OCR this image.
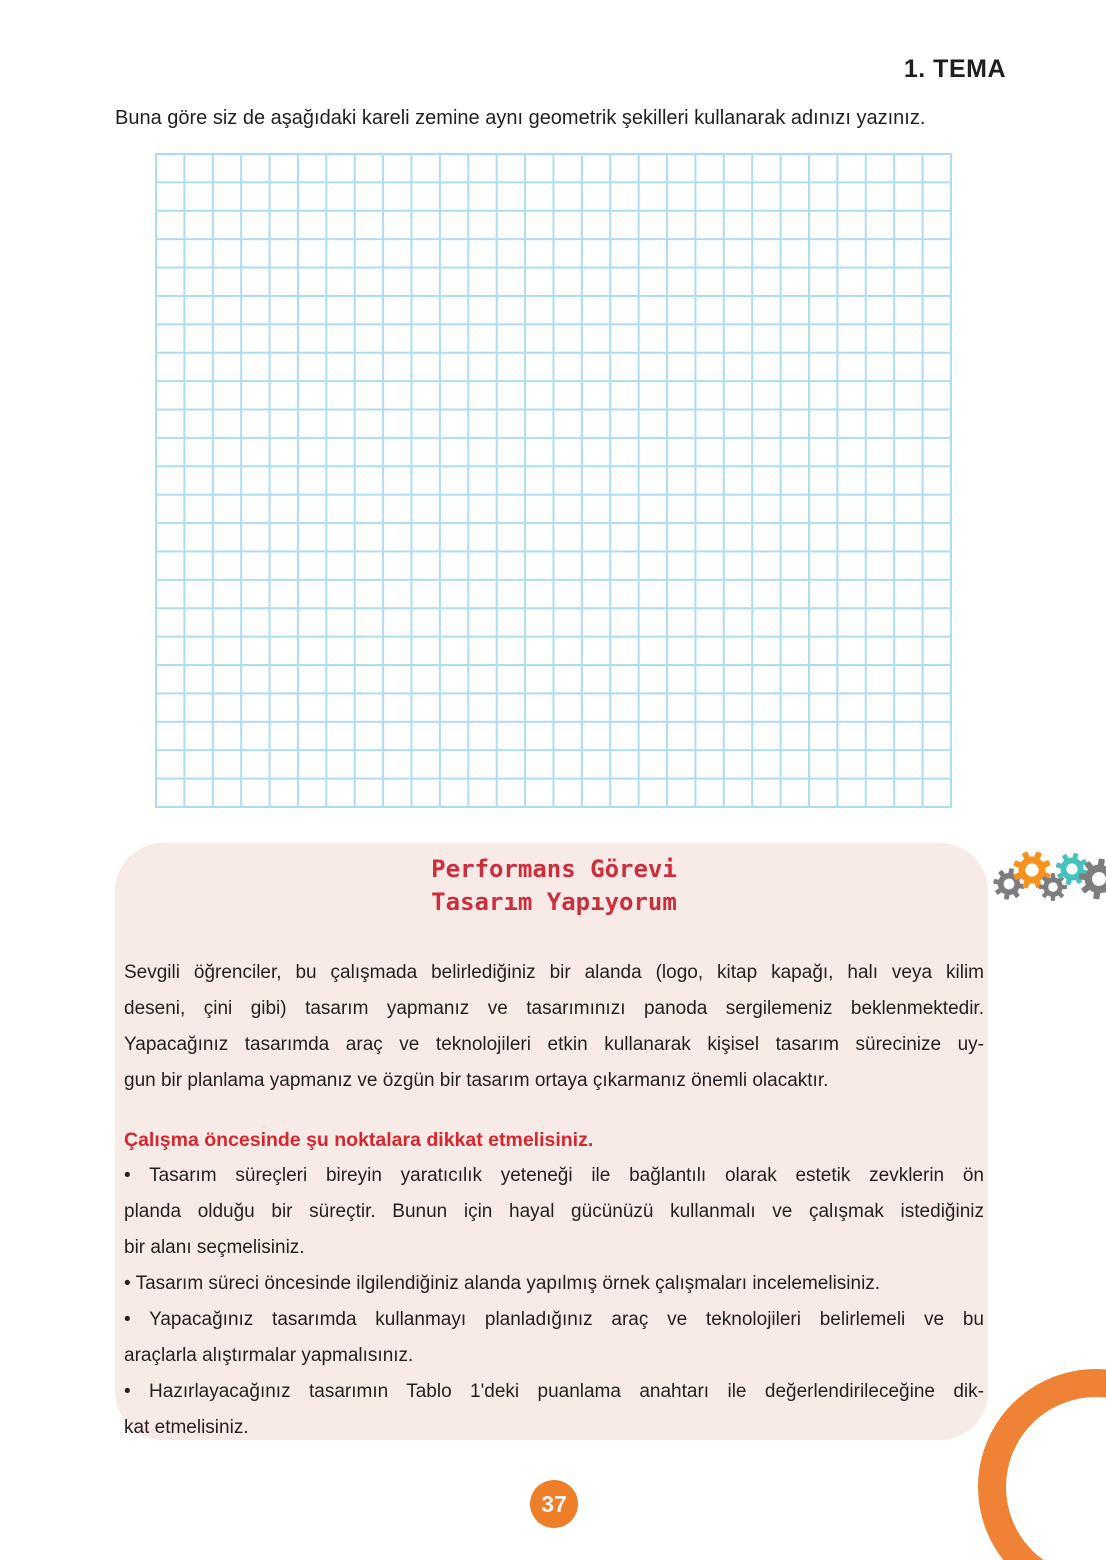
1. TEMA
Buna göre siz de aşağıdaki kareli zemine aynı geometrik şekilleri kullanarak adınızı yazınız.
Performans Görevi
Tasarım Yapıyorum
Sevgili öğrenciler, bu çalışmada belirlediğiniz bir alanda (logo, kitap kapağı, halı veya kilim
deseni, çini gibi) tasarım yapmanız ve tasarımınızı panoda sergilemeniz beklenmektedir.
Yapacağınız tasarımda araç ve teknolojileri etkin kullanarak kişisel tasarım sürecinize uy-
gun bir planlama yapmanız ve özgün bir tasarım ortaya çıkarmanız önemli olacaktır.
Çalışma öncesinde şu noktalara dikkat etmelisiniz.
• Tasarım süreçleri bireyin yaratıcılık yeteneği ile bağlantılı olarak estetik zevklerin ön
planda olduğu bir süreçtir. Bunun için hayal gücünüzü kullanmalı ve çalışmak istediğiniz
bir alanı seçmelisiniz.
• Tasarım süreci öncesinde ilgilendiğiniz alanda yapılmış örnek çalışmaları incelemelisiniz.
• Yapacağınız tasarımda kullanmayı planladığınız araç ve teknolojileri belirlemeli ve bu
araçlarla alıştırmalar yapmalısınız.
• Hazırlayacağınız tasarımın Tablo 1'deki puanlama anahtarı ile değerlendirileceğine dik-
kat etmelisiniz.
37
